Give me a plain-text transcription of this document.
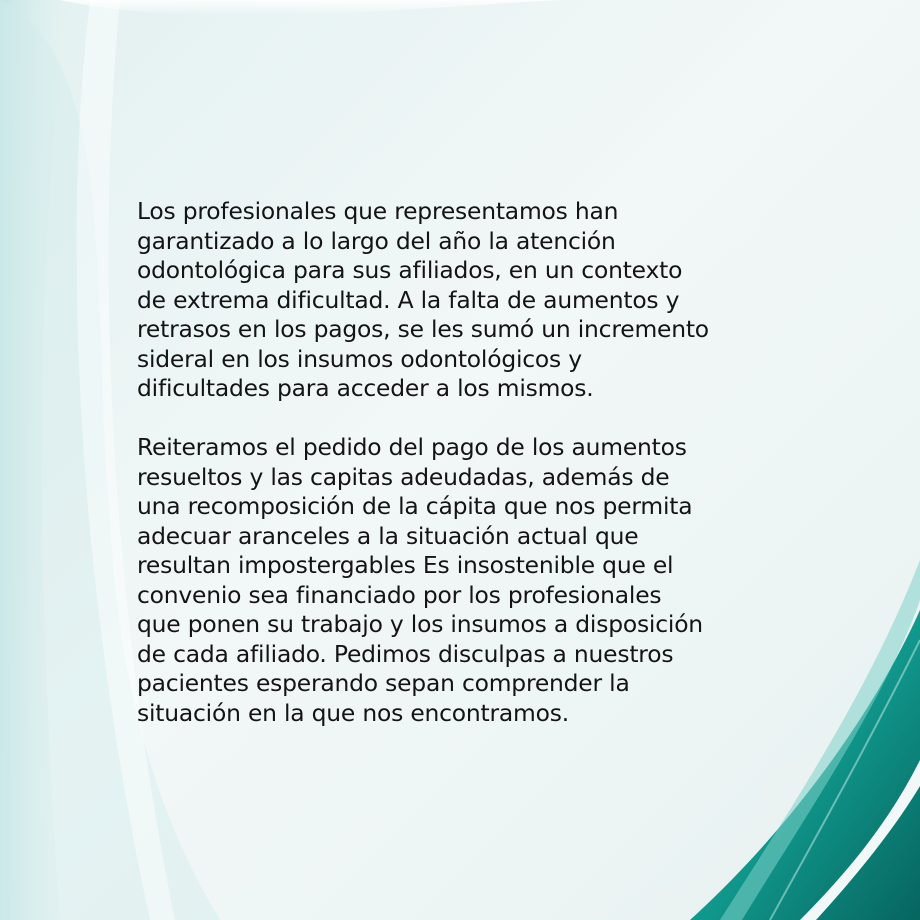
Los profesionales que representamos han
garantizado a lo largo del año la atención
odontológica para sus afiliados, en un contexto
de extrema dificultad. A la falta de aumentos y
retrasos en los pagos, se les sumó un incremento
sideral en los insumos odontológicos y
dificultades para acceder a los mismos.

Reiteramos el pedido del pago de los aumentos
resueltos y las capitas adeudadas, además de
una recomposición de la cápita que nos permita
adecuar aranceles a la situación actual que
resultan impostergables Es insostenible que el
convenio sea financiado por los profesionales
que ponen su trabajo y los insumos a disposición
de cada afiliado. Pedimos disculpas a nuestros
pacientes esperando sepan comprender la
situación en la que nos encontramos.
